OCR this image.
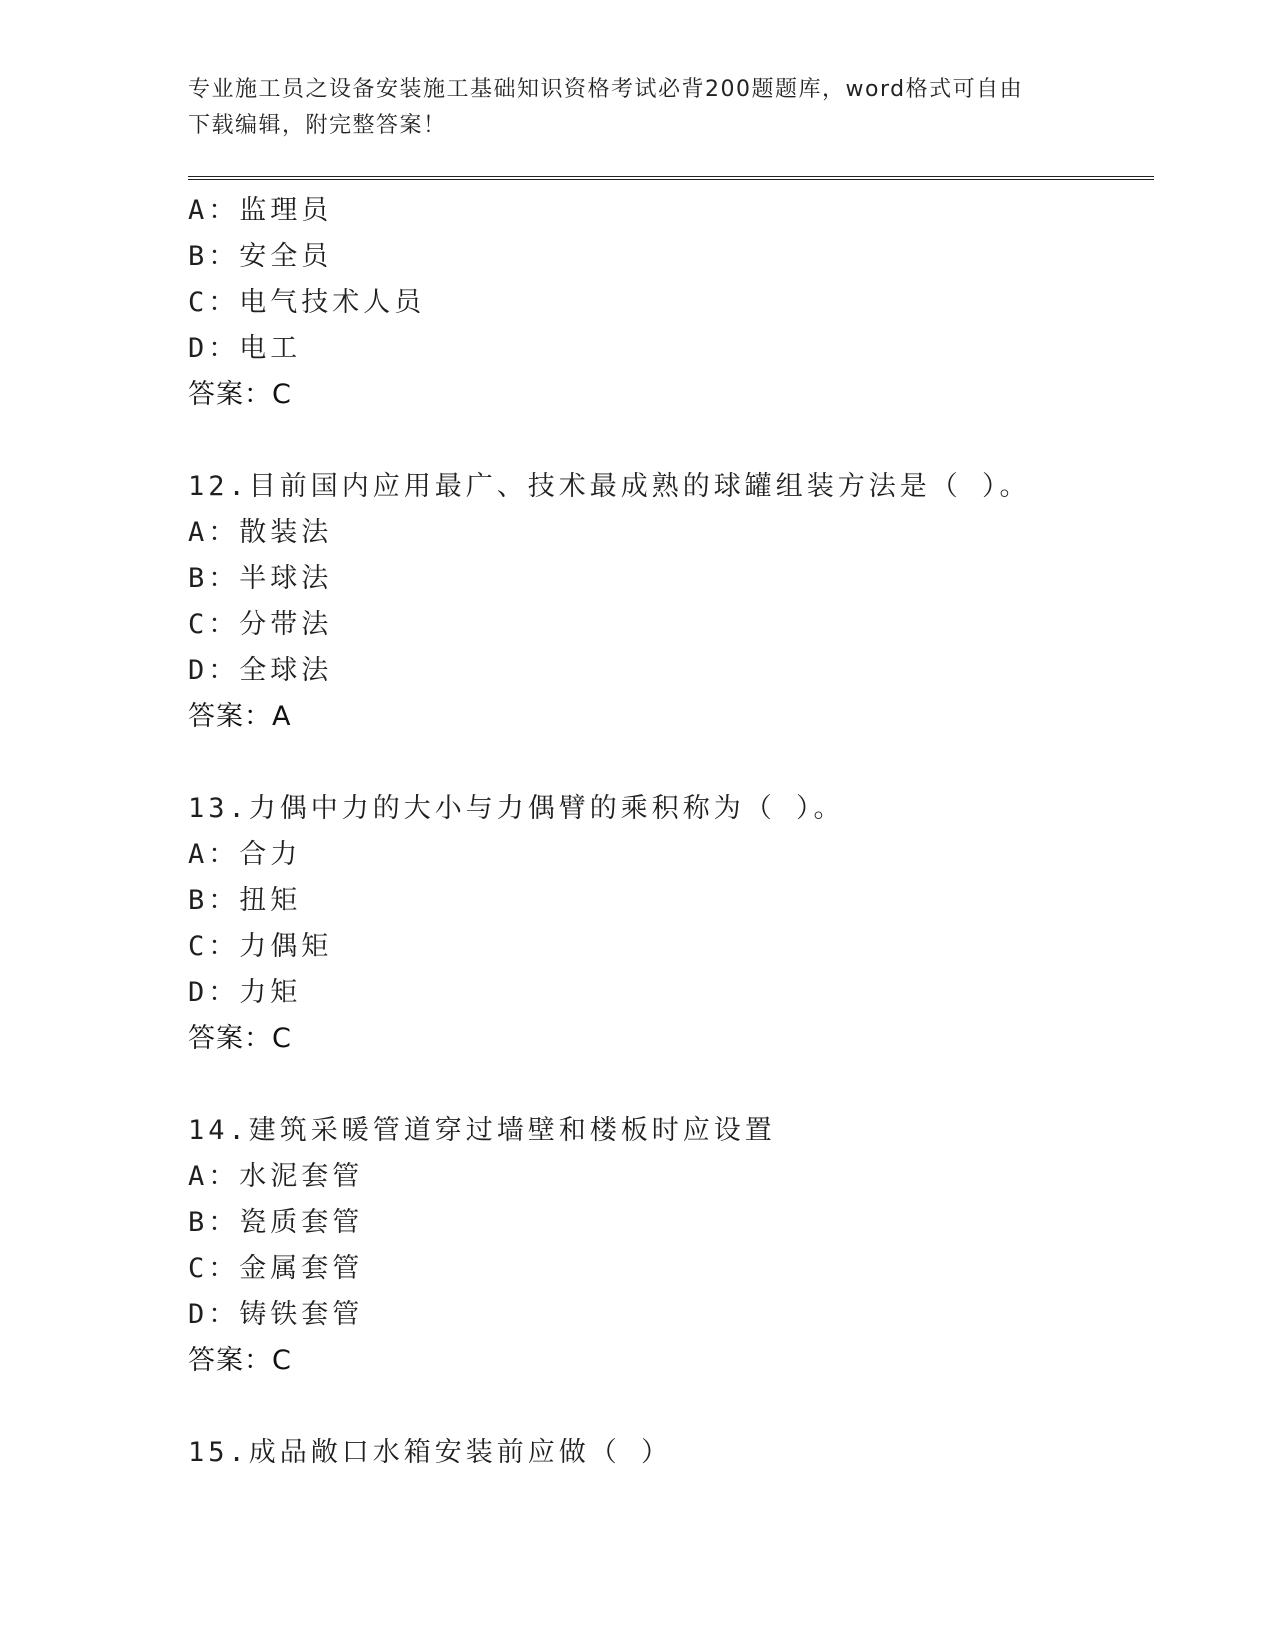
专业施工员之设备安装施工基础知识资格考试必背200题题库，word格式可自由
下载编辑，附完整答案！
A：监理员
B：安全员
C：电气技术人员
D：电工
答案：C
12.目前国内应用最广、技术最成熟的球罐组装方法是（ ）。
A：散装法
B：半球法
C：分带法
D：全球法
答案：A
13.力偶中力的大小与力偶臂的乘积称为（ ）。
A：合力
B：扭矩
C：力偶矩
D：力矩
答案：C
14.建筑采暖管道穿过墙壁和楼板时应设置
A：水泥套管
B：瓷质套管
C：金属套管
D：铸铁套管
答案：C
15.成品敞口水箱安装前应做（ ）
